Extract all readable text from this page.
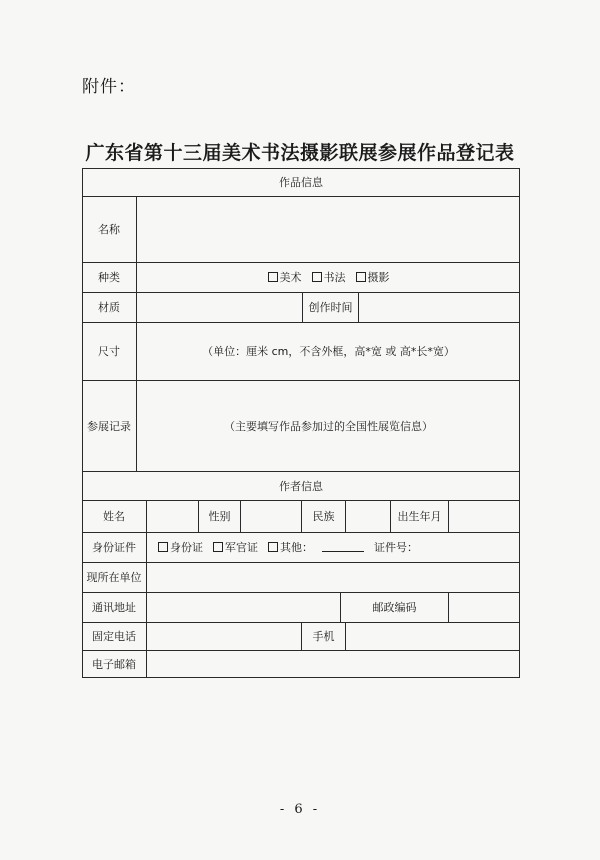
附件：
广东省第十三届美术书法摄影联展参展作品登记表
作品信息
名称
种类	美术	书法	摄影
材质	创作时间
尺寸	（单位：厘米 cm，不含外框，高*宽 或 高*长*宽）
参展记录	（主要填写作品参加过的全国性展览信息）
作者信息
姓名	性别	民族	出生年月
身份证件	身份证	军官证	其他：	证件号：
现所在单位
通讯地址	邮政编码
固定电话	手机
电子邮箱
- 6 -
